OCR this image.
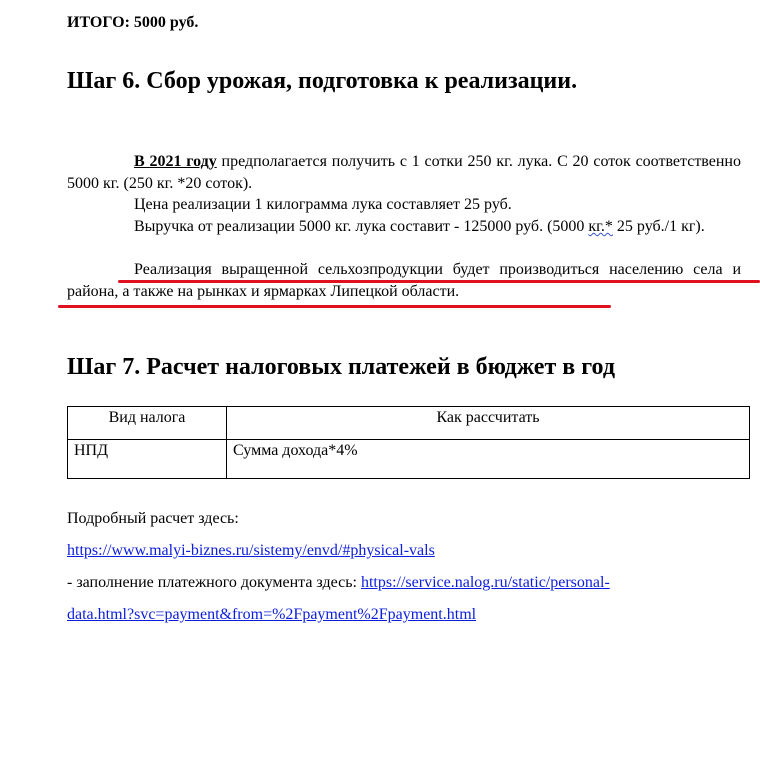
ИТОГО: 5000 руб.
Шаг 6. Сбор урожая, подготовка к реализации.
В 2021 году предполагается получить с 1 сотки 250 кг. лука. С 20 соток соответственно 5000 кг. (250 кг. *20 соток).
Цена реализации 1 килограмма лука составляет 25 руб.
Выручка от реализации 5000 кг. лука составит - 125000 руб. (5000 кг.* 25 руб./1 кг).
Реализация выращенной сельхозпродукции будет производиться населению села и района, а также на рынках и ярмарках Липецкой области.
Шаг 7. Расчет налоговых платежей в бюджет в год
Вид налога	Как рассчитать
НПД	Сумма дохода*4%
Подробный расчет здесь:
https://www.malyi-biznes.ru/sistemy/envd/#physical-vals
- заполнение платежного документа здесь: https://service.nalog.ru/static/personal-
data.html?svc=payment&from=%2Fpayment%2Fpayment.html
